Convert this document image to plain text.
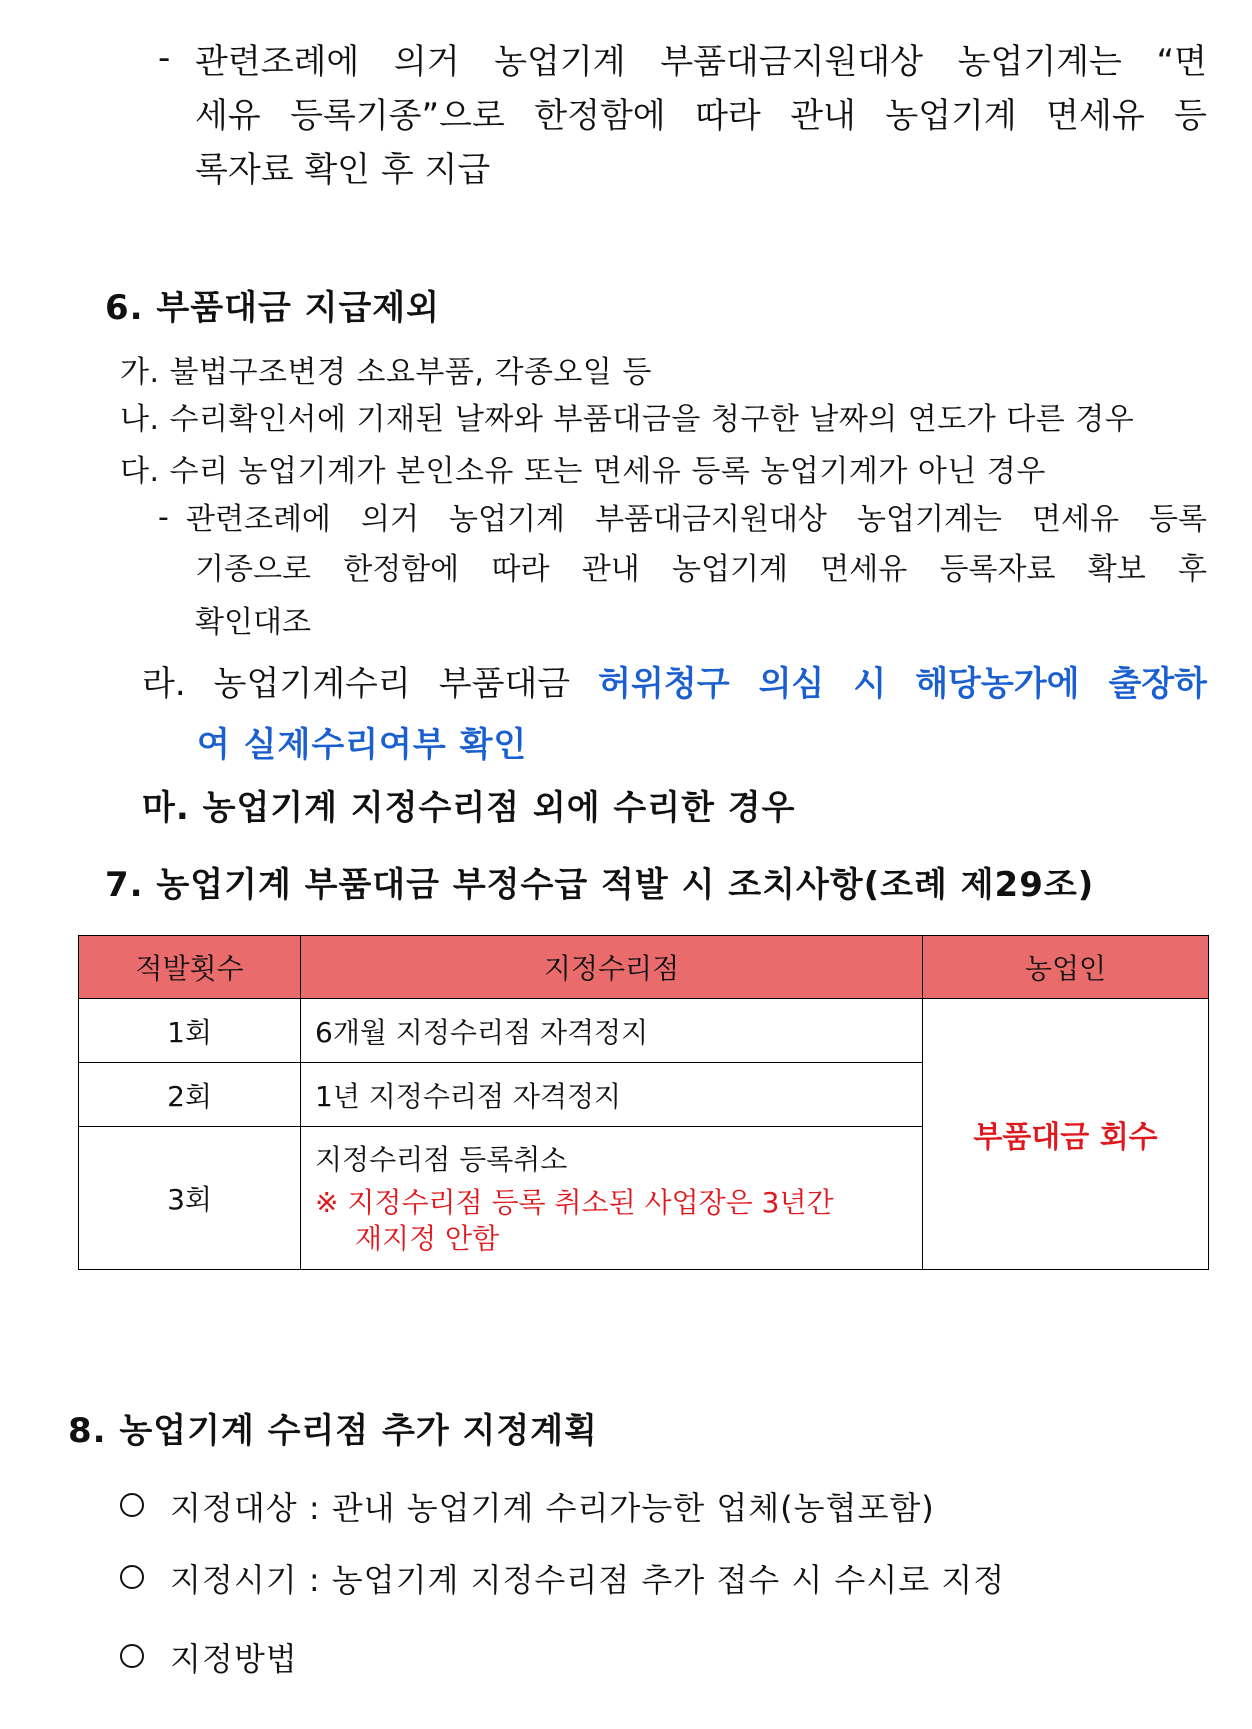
- 관련조례에 의거 농업기계 부품대금지원대상 농업기계는 “면
세유 등록기종”으로 한정함에 따라 관내 농업기계 면세유 등
록자료 확인 후 지급
6. 부품대금 지급제외
가. 불법구조변경 소요부품, 각종오일 등
나. 수리확인서에 기재된 날짜와 부품대금을 청구한 날짜의 연도가 다른 경우
다. 수리 농업기계가 본인소유 또는 면세유 등록 농업기계가 아닌 경우
- 관련조례에 의거 농업기계 부품대금지원대상 농업기계는 면세유 등록
기종으로 한정함에 따라 관내 농업기계 면세유 등록자료 확보 후
확인대조
라. 농업기계수리 부품대금 허위청구 의심 시 해당농가에 출장하
여 실제수리여부 확인
마. 농업기계 지정수리점 외에 수리한 경우
7. 농업기계 부품대금 부정수급 적발 시 조치사항(조례 제29조)
적발횟수	지정수리점	농업인
1회	6개월 지정수리점 자격정지	부품대금 회수
2회	1년 지정수리점 자격정지	
3회	지정수리점 등록취소
※ 지정수리점 등록 취소된 사업장은 3년간
재지정 안함	
8. 농업기계 수리점 추가 지정계획
지정대상 : 관내 농업기계 수리가능한 업체(농협포함)
지정시기 : 농업기계 지정수리점 추가 접수 시 수시로 지정
지정방법
